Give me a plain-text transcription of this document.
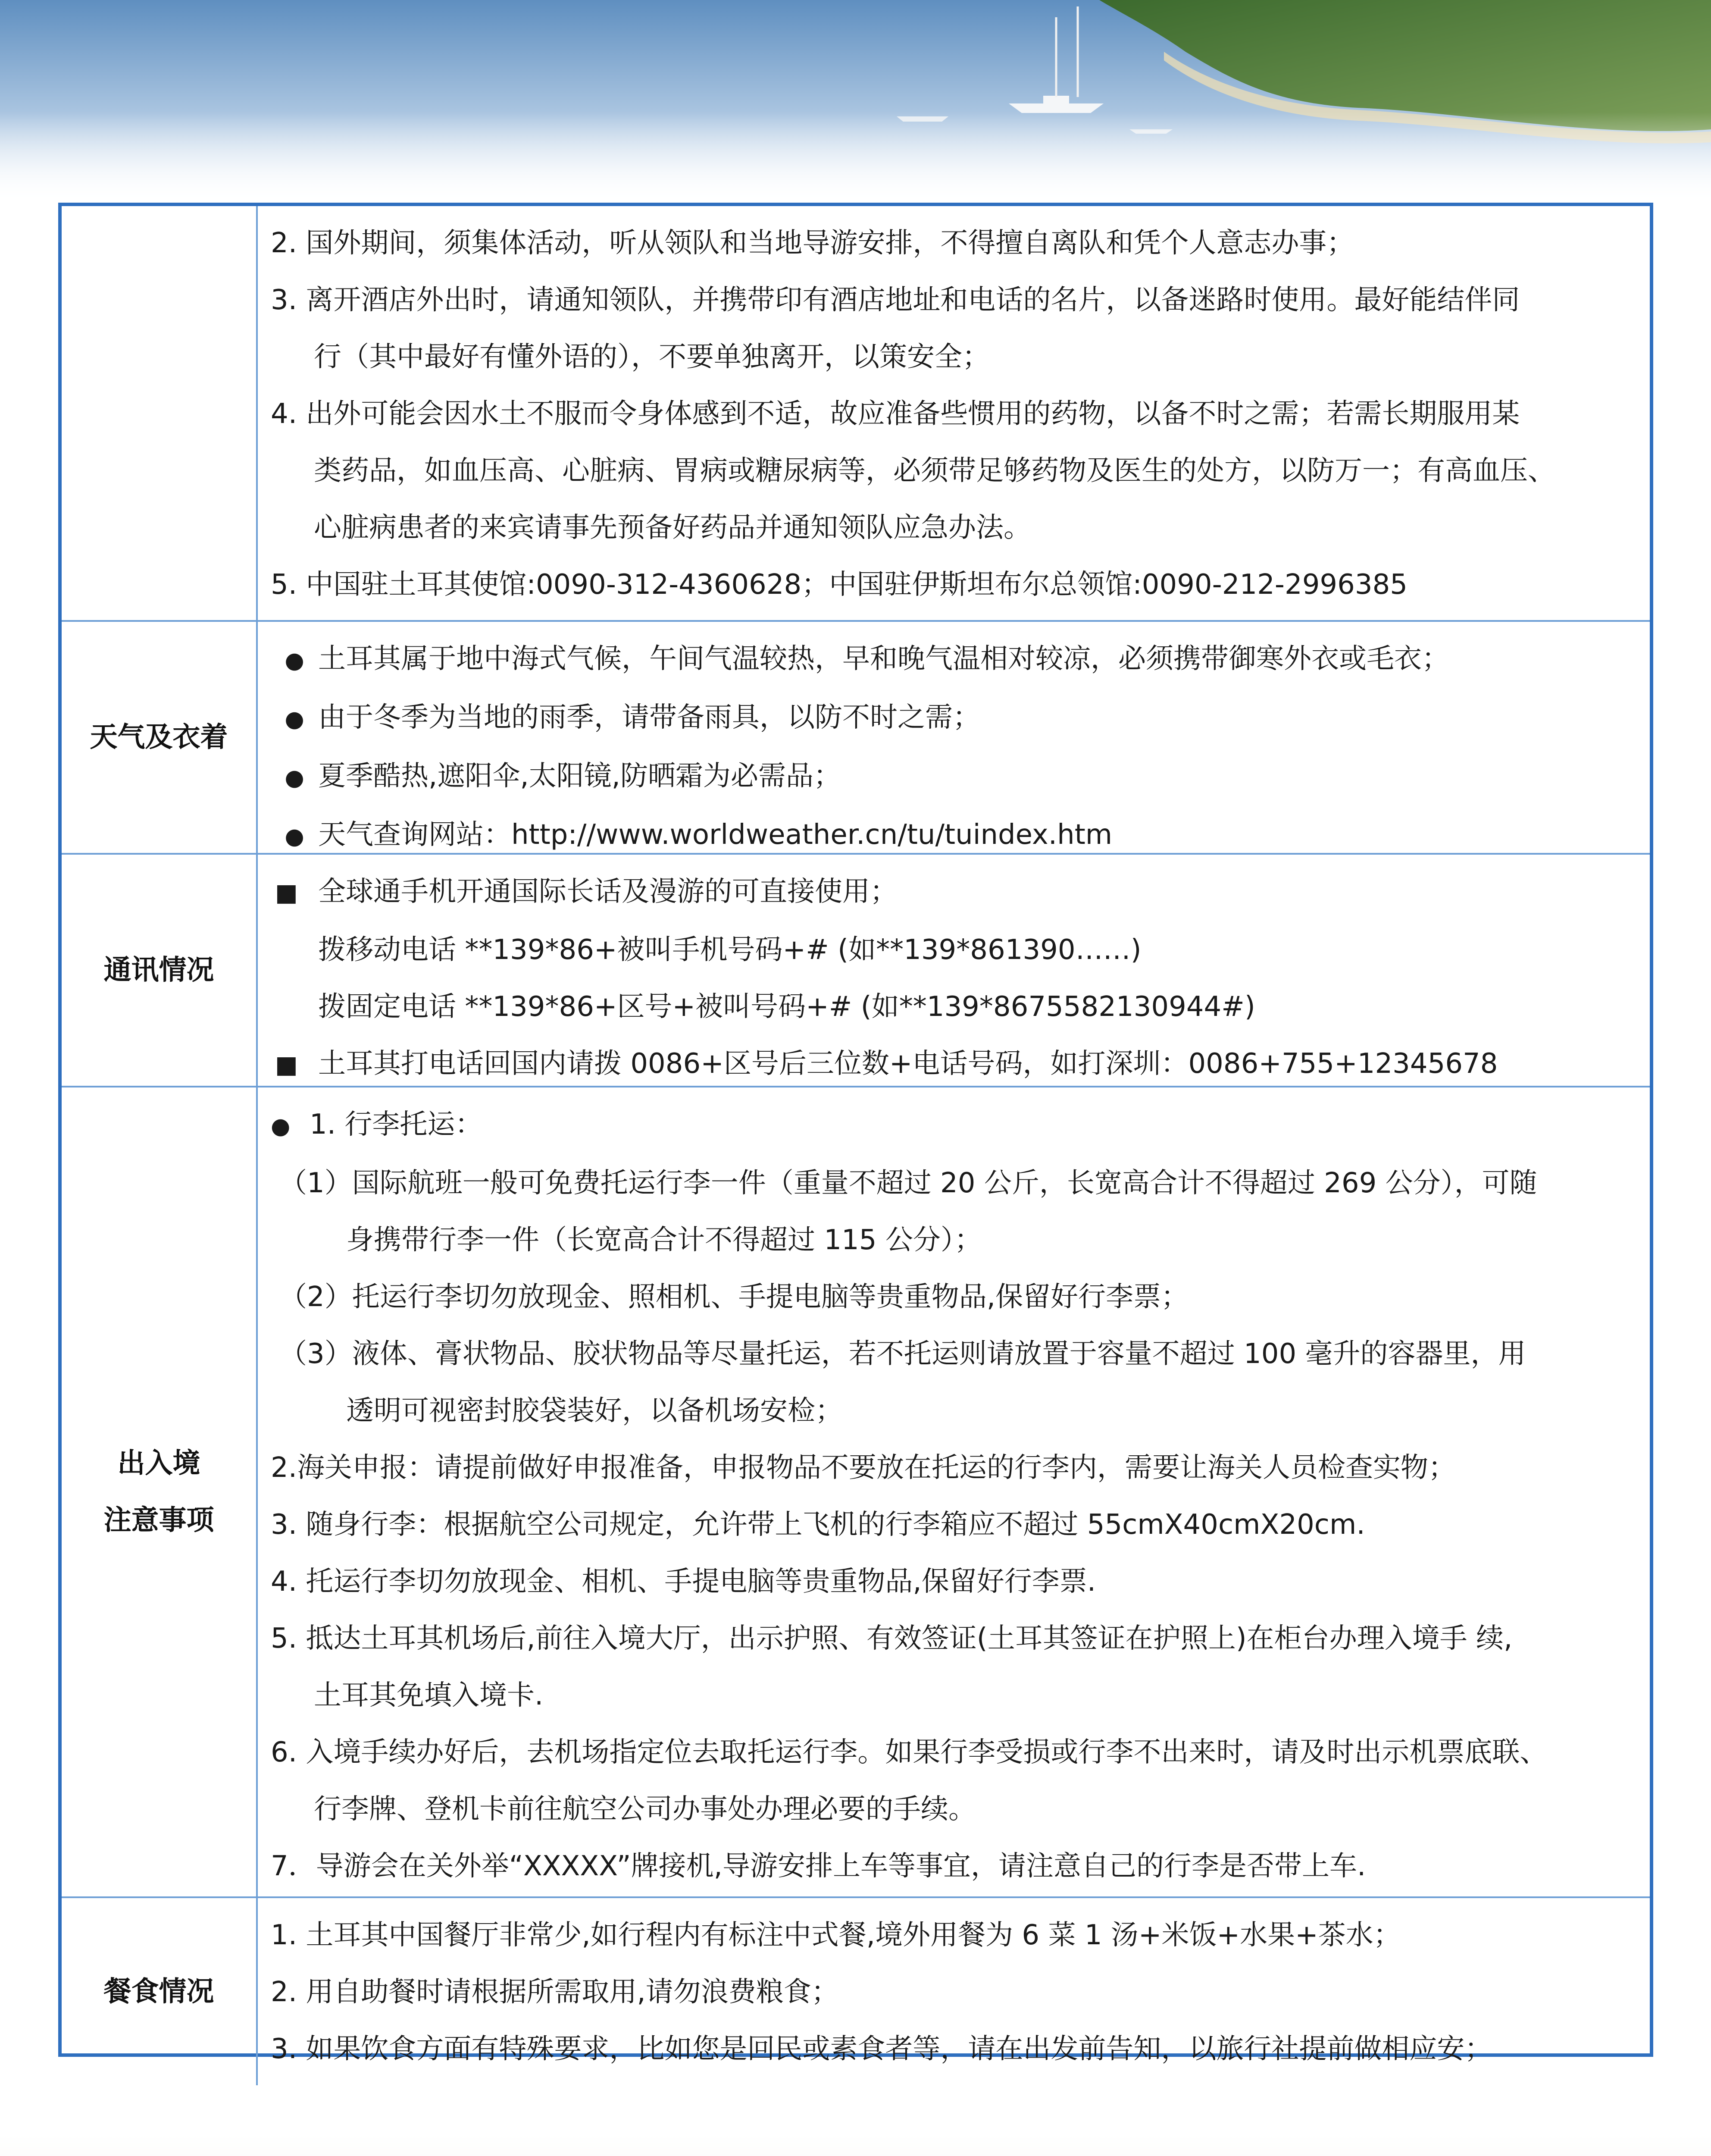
2. 国外期间，须集体活动，听从领队和当地导游安排，不得擅自离队和凭个人意志办事；
3. 离开酒店外出时，请通知领队，并携带印有酒店地址和电话的名片，以备迷路时使用。最好能结伴同
行（其中最好有懂外语的），不要单独离开，以策安全；
4. 出外可能会因水土不服而令身体感到不适，故应准备些惯用的药物，以备不时之需；若需长期服用某
类药品，如血压高、心脏病、胃病或糖尿病等，必须带足够药物及医生的处方，以防万一；有高血压、
心脏病患者的来宾请事先预备好药品并通知领队应急办法。
5. 中国驻土耳其使馆:0090-312-4360628；中国驻伊斯坦布尔总领馆:0090-212-2996385
天气及衣着
● 土耳其属于地中海式气候，午间气温较热，早和晚气温相对较凉，必须携带御寒外衣或毛衣；
● 由于冬季为当地的雨季，请带备雨具，以防不时之需；
● 夏季酷热,遮阳伞,太阳镜,防晒霜为必需品；
● 天气查询网站：http://www.worldweather.cn/tu/tuindex.htm
通讯情况
■ 全球通手机开通国际长话及漫游的可直接使用；
拨移动电话 **139*86+被叫手机号码+# (如**139*861390……)
拨固定电话 **139*86+区号+被叫号码+# (如**139*8675582130944#)
■ 土耳其打电话回国内请拨 0086+区号后三位数+电话号码，如打深圳：0086+755+12345678
出入境
注意事项
● 1. 行李托运：
（1）国际航班一般可免费托运行李一件（重量不超过 20 公斤，长宽高合计不得超过 269 公分），可随
身携带行李一件（长宽高合计不得超过 115 公分）；
（2）托运行李切勿放现金、照相机、手提电脑等贵重物品,保留好行李票；
（3）液体、膏状物品、胶状物品等尽量托运，若不托运则请放置于容量不超过 100 毫升的容器里，用
透明可视密封胶袋装好，以备机场安检；
2.海关申报：请提前做好申报准备，申报物品不要放在托运的行李内，需要让海关人员检查实物；
3. 随身行李：根据航空公司规定，允许带上飞机的行李箱应不超过 55cmX40cmX20cm.
4. 托运行李切勿放现金、相机、手提电脑等贵重物品,保留好行李票.
5. 抵达土耳其机场后,前往入境大厅，出示护照、有效签证(土耳其签证在护照上)在柜台办理入境手 续,
土耳其免填入境卡.
6. 入境手续办好后，去机场指定位去取托运行李。如果行李受损或行李不出来时，请及时出示机票底联、
行李牌、登机卡前往航空公司办事处办理必要的手续。
7．导游会在关外举“XXXXX”牌接机,导游安排上车等事宜，请注意自己的行李是否带上车.
餐食情况
1. 土耳其中国餐厅非常少,如行程内有标注中式餐,境外用餐为 6 菜 1 汤+米饭+水果+茶水；
2. 用自助餐时请根据所需取用,请勿浪费粮食；
3. 如果饮食方面有特殊要求，比如您是回民或素食者等，请在出发前告知，以旅行社提前做相应安；
